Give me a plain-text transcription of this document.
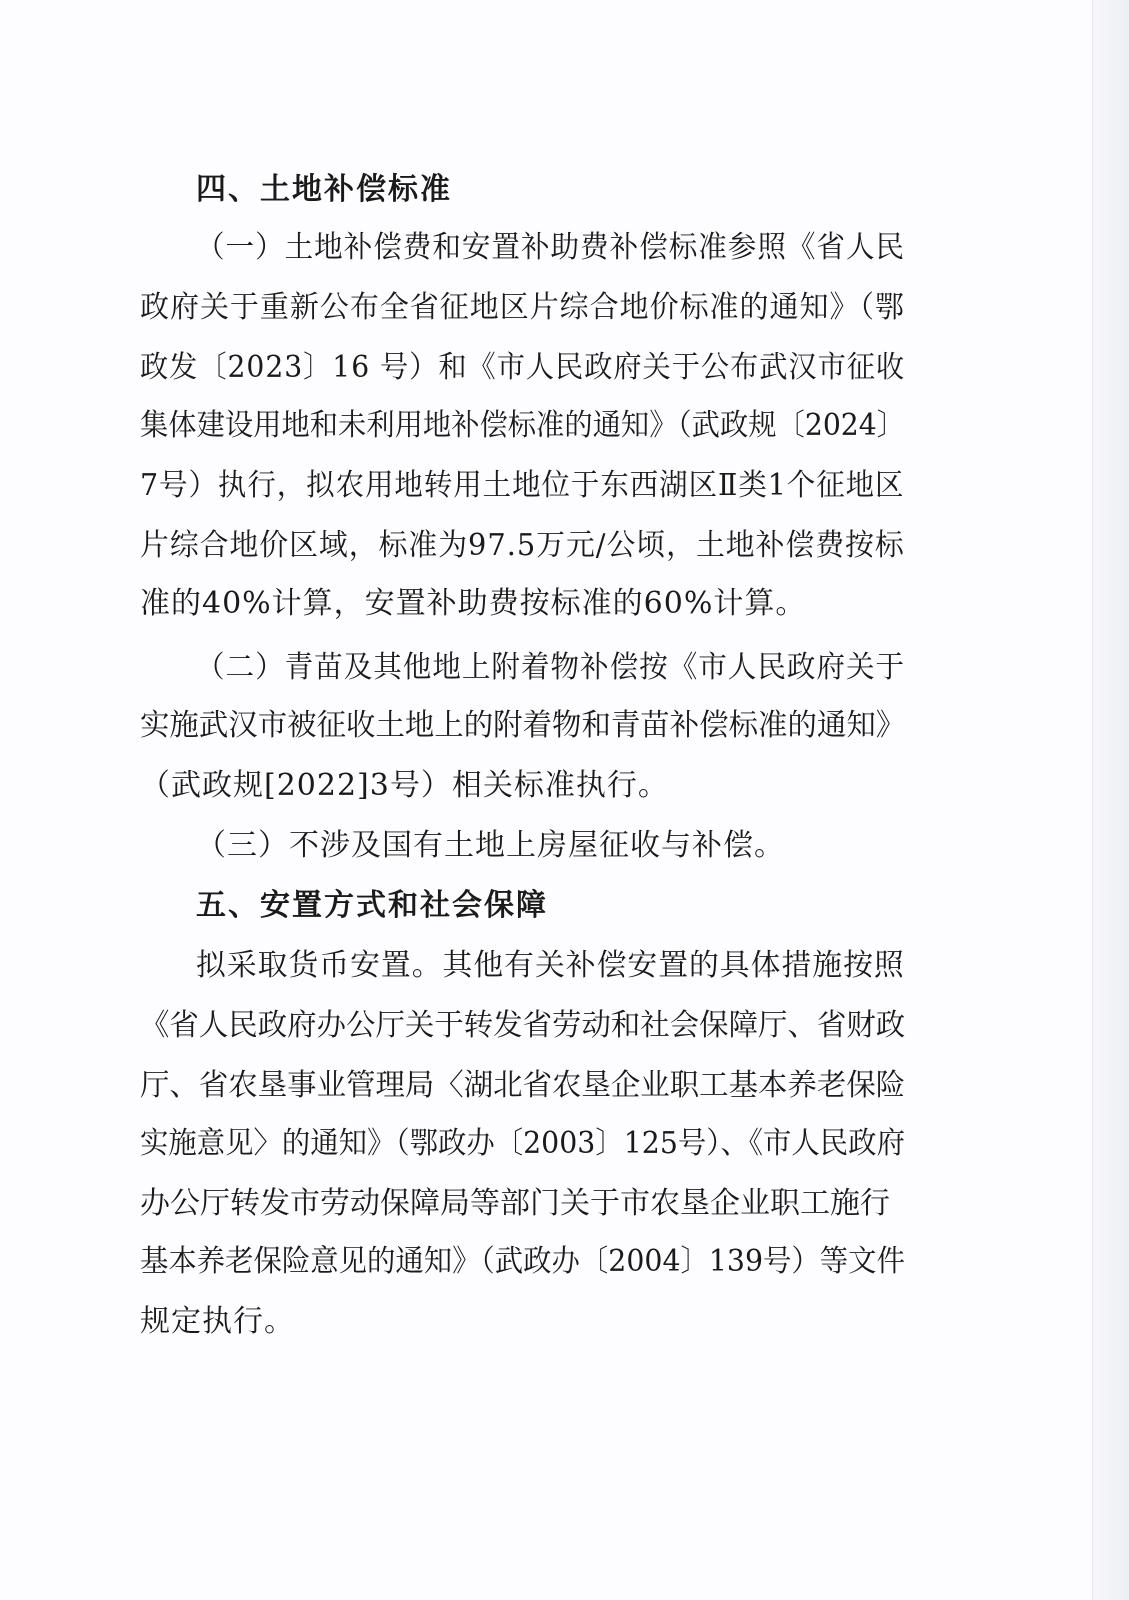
四、土地补偿标准
（一）土地补偿费和安置补助费补偿标准参照《省人民
政府关于重新公布全省征地区片综合地价标准的通知》（鄂
政发〔2023〕16 号）和《市人民政府关于公布武汉市征收
集体建设用地和未利用地补偿标准的通知》（武政规〔2024〕
7号）执行，拟农用地转用土地位于东西湖区Ⅱ类1个征地区
片综合地价区域，标准为97.5万元/公顷，土地补偿费按标
准的40%计算，安置补助费按标准的60%计算。
（二）青苗及其他地上附着物补偿按《市人民政府关于
实施武汉市被征收土地上的附着物和青苗补偿标准的通知》
（武政规[2022]3号）相关标准执行。
（三）不涉及国有土地上房屋征收与补偿。
五、安置方式和社会保障
拟采取货币安置。其他有关补偿安置的具体措施按照
《省人民政府办公厅关于转发省劳动和社会保障厅、省财政
厅、省农垦事业管理局〈湖北省农垦企业职工基本养老保险
实施意见〉的通知》（鄂政办〔2003〕125号）、《市人民政府
办公厅转发市劳动保障局等部门关于市农垦企业职工施行
基本养老保险意见的通知》（武政办〔2004〕139号）等文件
规定执行。
